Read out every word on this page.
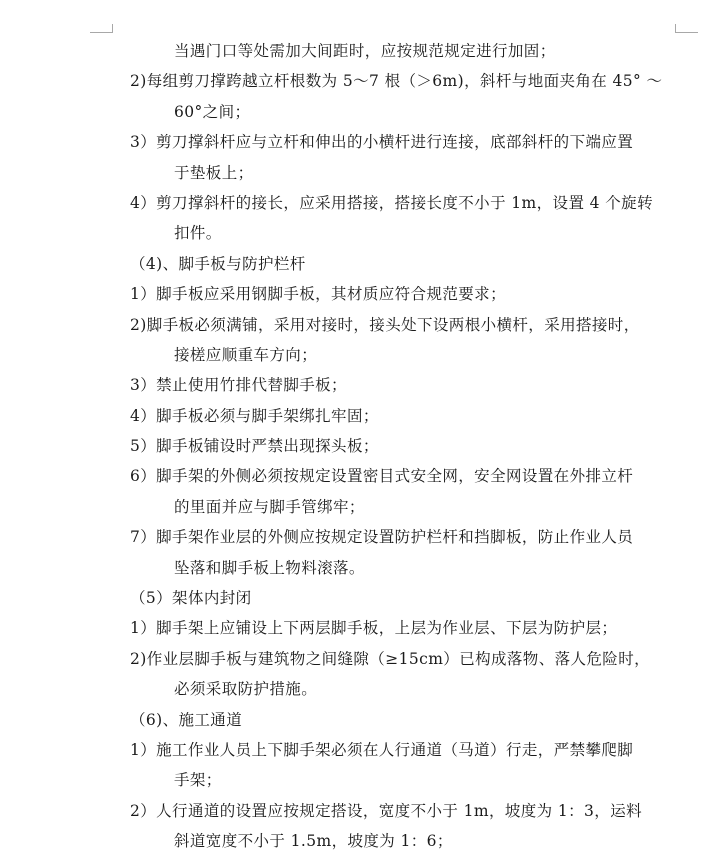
当遇门口等处需加大间距时，应按规范规定进行加固；
2)每组剪刀撑跨越立杆根数为 5～7 根（＞6m)，斜杆与地面夹角在 45° ～
60°之间；
3）剪刀撑斜杆应与立杆和伸出的小横杆进行连接，底部斜杆的下端应置
于垫板上；
4）剪刀撑斜杆的接长，应采用搭接，搭接长度不小于 1m，设置 4 个旋转
扣件。
（4)、脚手板与防护栏杆
1）脚手板应采用钢脚手板，其材质应符合规范要求；
2)脚手板必须满铺，采用对接时，接头处下设两根小横杆，采用搭接时，
接槎应顺重车方向；
3）禁止使用竹排代替脚手板；
4）脚手板必须与脚手架绑扎牢固；
5）脚手板铺设时严禁出现探头板；
6）脚手架的外侧必须按规定设置密目式安全网，安全网设置在外排立杆
的里面并应与脚手管绑牢；
7）脚手架作业层的外侧应按规定设置防护栏杆和挡脚板，防止作业人员
坠落和脚手板上物料滚落。
（5）架体内封闭
1）脚手架上应铺设上下两层脚手板，上层为作业层、下层为防护层；
2)作业层脚手板与建筑物之间缝隙（≥15cm）已构成落物、落人危险时，
必须采取防护措施。
（6)、施工通道
1）施工作业人员上下脚手架必须在人行通道（马道）行走，严禁攀爬脚
手架；
2）人行通道的设置应按规定搭设，宽度不小于 1m，坡度为 1：3，运料
斜道宽度不小于 1.5m，坡度为 1：6；
